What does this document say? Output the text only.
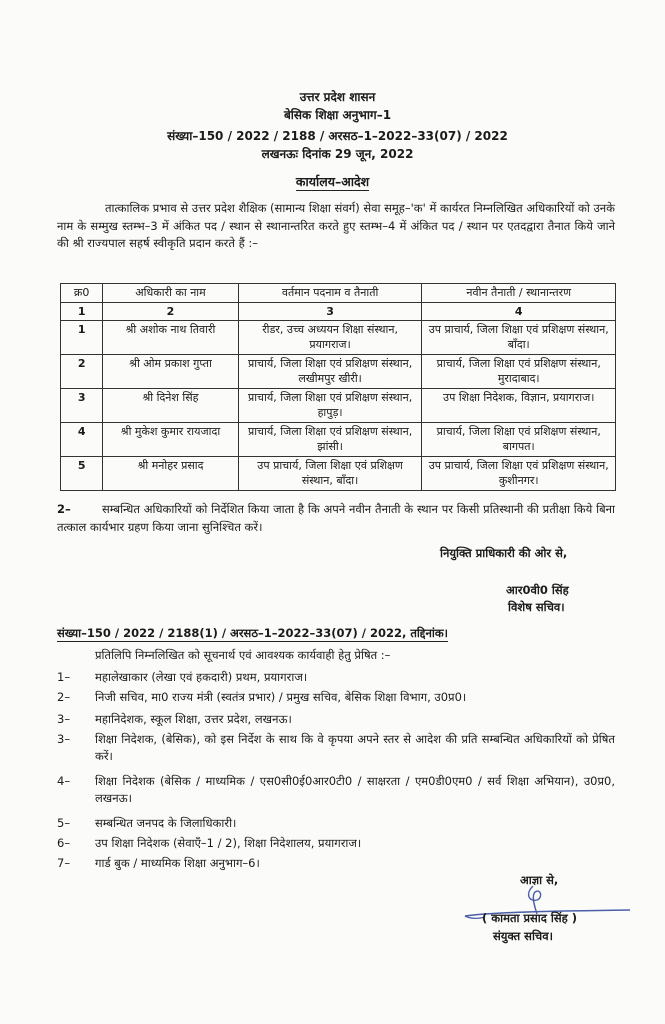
उत्तर प्रदेश शासन
बेसिक शिक्षा अनुभाग–1
संख्या–150 / 2022 / 2188 / अरसठ–1–2022–33(07) / 2022
लखनऊः दिनांक 29 जून, 2022
कार्यालय–आदेश
तात्कालिक प्रभाव से उत्तर प्रदेश शैक्षिक (सामान्य शिक्षा संवर्ग) सेवा समूह–'क' में कार्यरत निम्नलिखित अधिकारियों को उनके नाम के सम्मुख स्तम्भ–3 में अंकित पद / स्थान से स्थानान्तरित करते हुए स्तम्भ–4 में अंकित पद / स्थान पर एतदद्वारा तैनात किये जाने की श्री राज्यपाल सहर्ष स्वीकृति प्रदान करते हैं :–
क्र0	अधिकारी का नाम	वर्तमान पदनाम व तैनाती	नवीन तैनाती / स्थानान्तरण
1	2	3	4
1	श्री अशोक नाथ तिवारी	रीडर, उच्च अध्ययन शिक्षा संस्थान, प्रयागराज।	उप प्राचार्य, जिला शिक्षा एवं प्रशिक्षण संस्थान, बाँदा।
2	श्री ओम प्रकाश गुप्ता	प्राचार्य, जिला शिक्षा एवं प्रशिक्षण संस्थान, लखीमपुर खीरी।	प्राचार्य, जिला शिक्षा एवं प्रशिक्षण संस्थान, मुरादाबाद।
3	श्री दिनेश सिंह	प्राचार्य, जिला शिक्षा एवं प्रशिक्षण संस्थान, हापुड़।	उप शिक्षा निदेशक, विज्ञान, प्रयागराज।
4	श्री मुकेश कुमार रायजादा	प्राचार्य, जिला शिक्षा एवं प्रशिक्षण संस्थान, झांसी।	प्राचार्य, जिला शिक्षा एवं प्रशिक्षण संस्थान, बागपत।
5	श्री मनोहर प्रसाद	उप प्राचार्य, जिला शिक्षा एवं प्रशिक्षण संस्थान, बाँदा।	उप प्राचार्य, जिला शिक्षा एवं प्रशिक्षण संस्थान, कुशीनगर।
2–	सम्बन्धित अधिकारियों को निर्देशित किया जाता है कि अपने नवीन तैनाती के स्थान पर किसी प्रतिस्थानी की प्रतीक्षा किये बिना तत्काल कार्यभार ग्रहण किया जाना सुनिश्चित करें।
नियुक्ति प्राधिकारी की ओर से,
आर0वी0 सिंह
विशेष सचिव।
संख्या–150 / 2022 / 2188(1) / अरसठ–1–2022–33(07) / 2022, तद्दिनांक।
प्रतिलिपि निम्नलिखित को सूचनार्थ एवं आवश्यक कार्यवाही हेतु प्रेषित :–
1– महालेखाकार (लेखा एवं हकदारी) प्रथम, प्रयागराज।
2– निजी सचिव, मा0 राज्य मंत्री (स्वतंत्र प्रभार) / प्रमुख सचिव, बेसिक शिक्षा विभाग, उ0प्र0।
3– महानिदेशक, स्कूल शिक्षा, उत्तर प्रदेश, लखनऊ।
3– शिक्षा निदेशक, (बेसिक), को इस निर्देश के साथ कि वे कृपया अपने स्तर से आदेश की प्रति सम्बन्धित अधिकारियों को प्रेषित करें।
4– शिक्षा निदेशक (बेसिक / माध्यमिक / एस0सी0ई0आर0टी0 / साक्षरता / एम0डी0एम0 / सर्व शिक्षा अभियान), उ0प्र0, लखनऊ।
5– सम्बन्धित जनपद के जिलाधिकारी।
6– उप शिक्षा निदेशक (सेवाएँ–1 / 2), शिक्षा निदेशालय, प्रयागराज।
7– गार्ड बुक / माध्यमिक शिक्षा अनुभाग–6।
आज्ञा से,
( कामता प्रसाद सिंह )
संयुक्त सचिव।
